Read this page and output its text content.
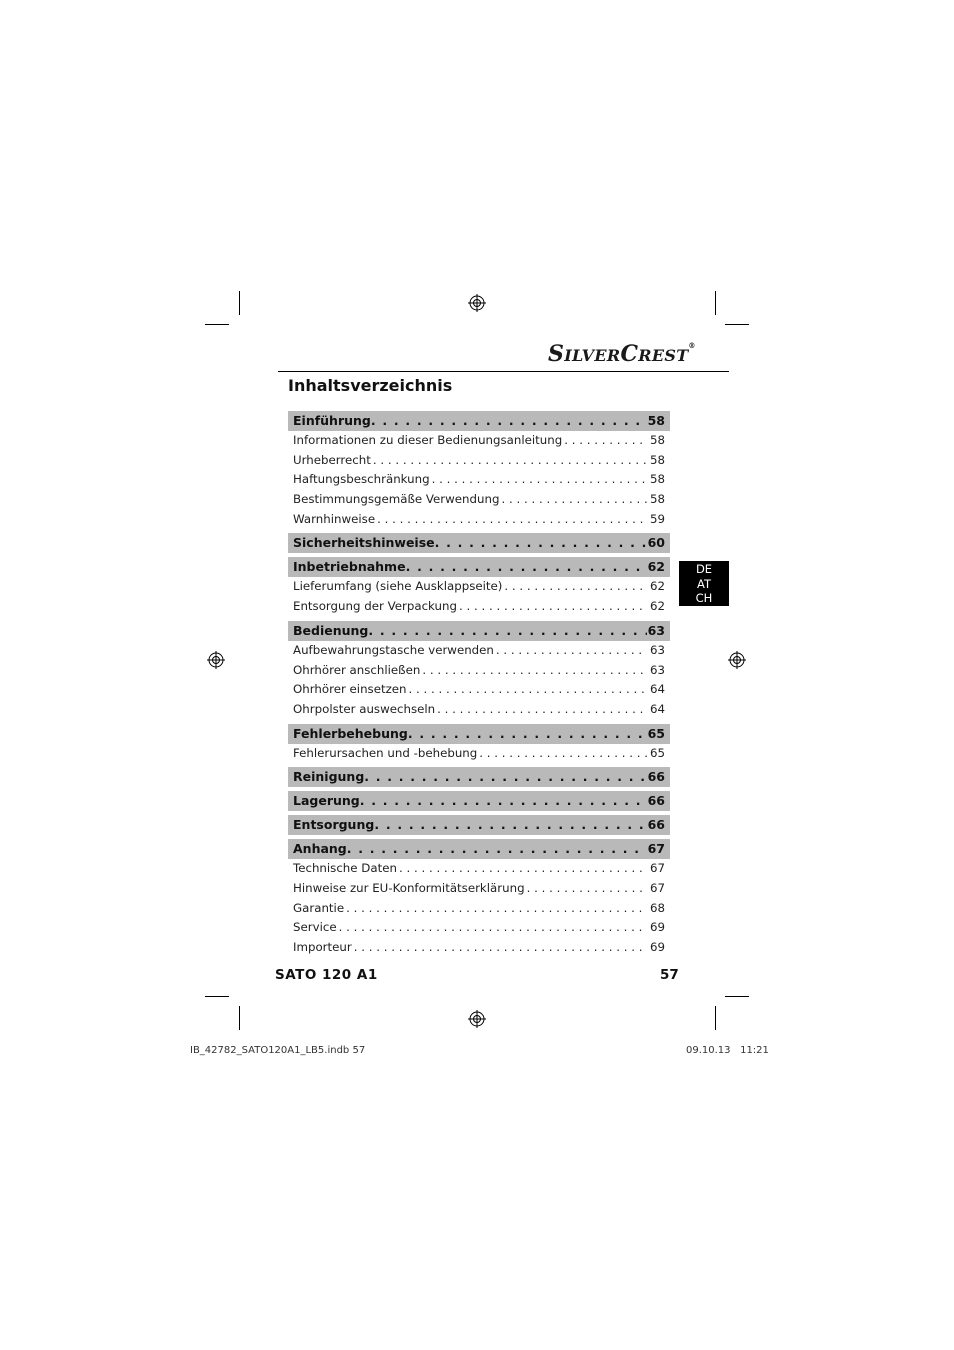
SILVERCREST®
Inhaltsverzeichnis
Einführung . . .	58
Informationen zu dieser Bedienungsanleitung . . .	58
Urheberrecht . . .	58
Haftungsbeschränkung . . .	58
Bestimmungsgemäße Verwendung . . .	58
Warnhinweise . . .	59
Sicherheitshinweise . . .	60
Inbetriebnahme . . .	62
Lieferumfang (siehe Ausklappseite) . . .	62
Entsorgung der Verpackung . . .	62
Bedienung . . .	63
Aufbewahrungstasche verwenden . . .	63
Ohrhörer anschließen . . .	63
Ohrhörer einsetzen . . .	64
Ohrpolster auswechseln . . .	64
Fehlerbehebung . . .	65
Fehlerursachen und -behebung . . .	65
Reinigung . . .	66
Lagerung . . .	66
Entsorgung . . .	66
Anhang . . .	67
Technische Daten . . .	67
Hinweise zur EU-Konformitätserklärung . . .	67
Garantie . . .	68
Service . . .	69
Importeur . . .	69
DE
AT
CH
SATO 120 A1	57
IB_42782_SATO120A1_LB5.indb 57	09.10.13 11:21
